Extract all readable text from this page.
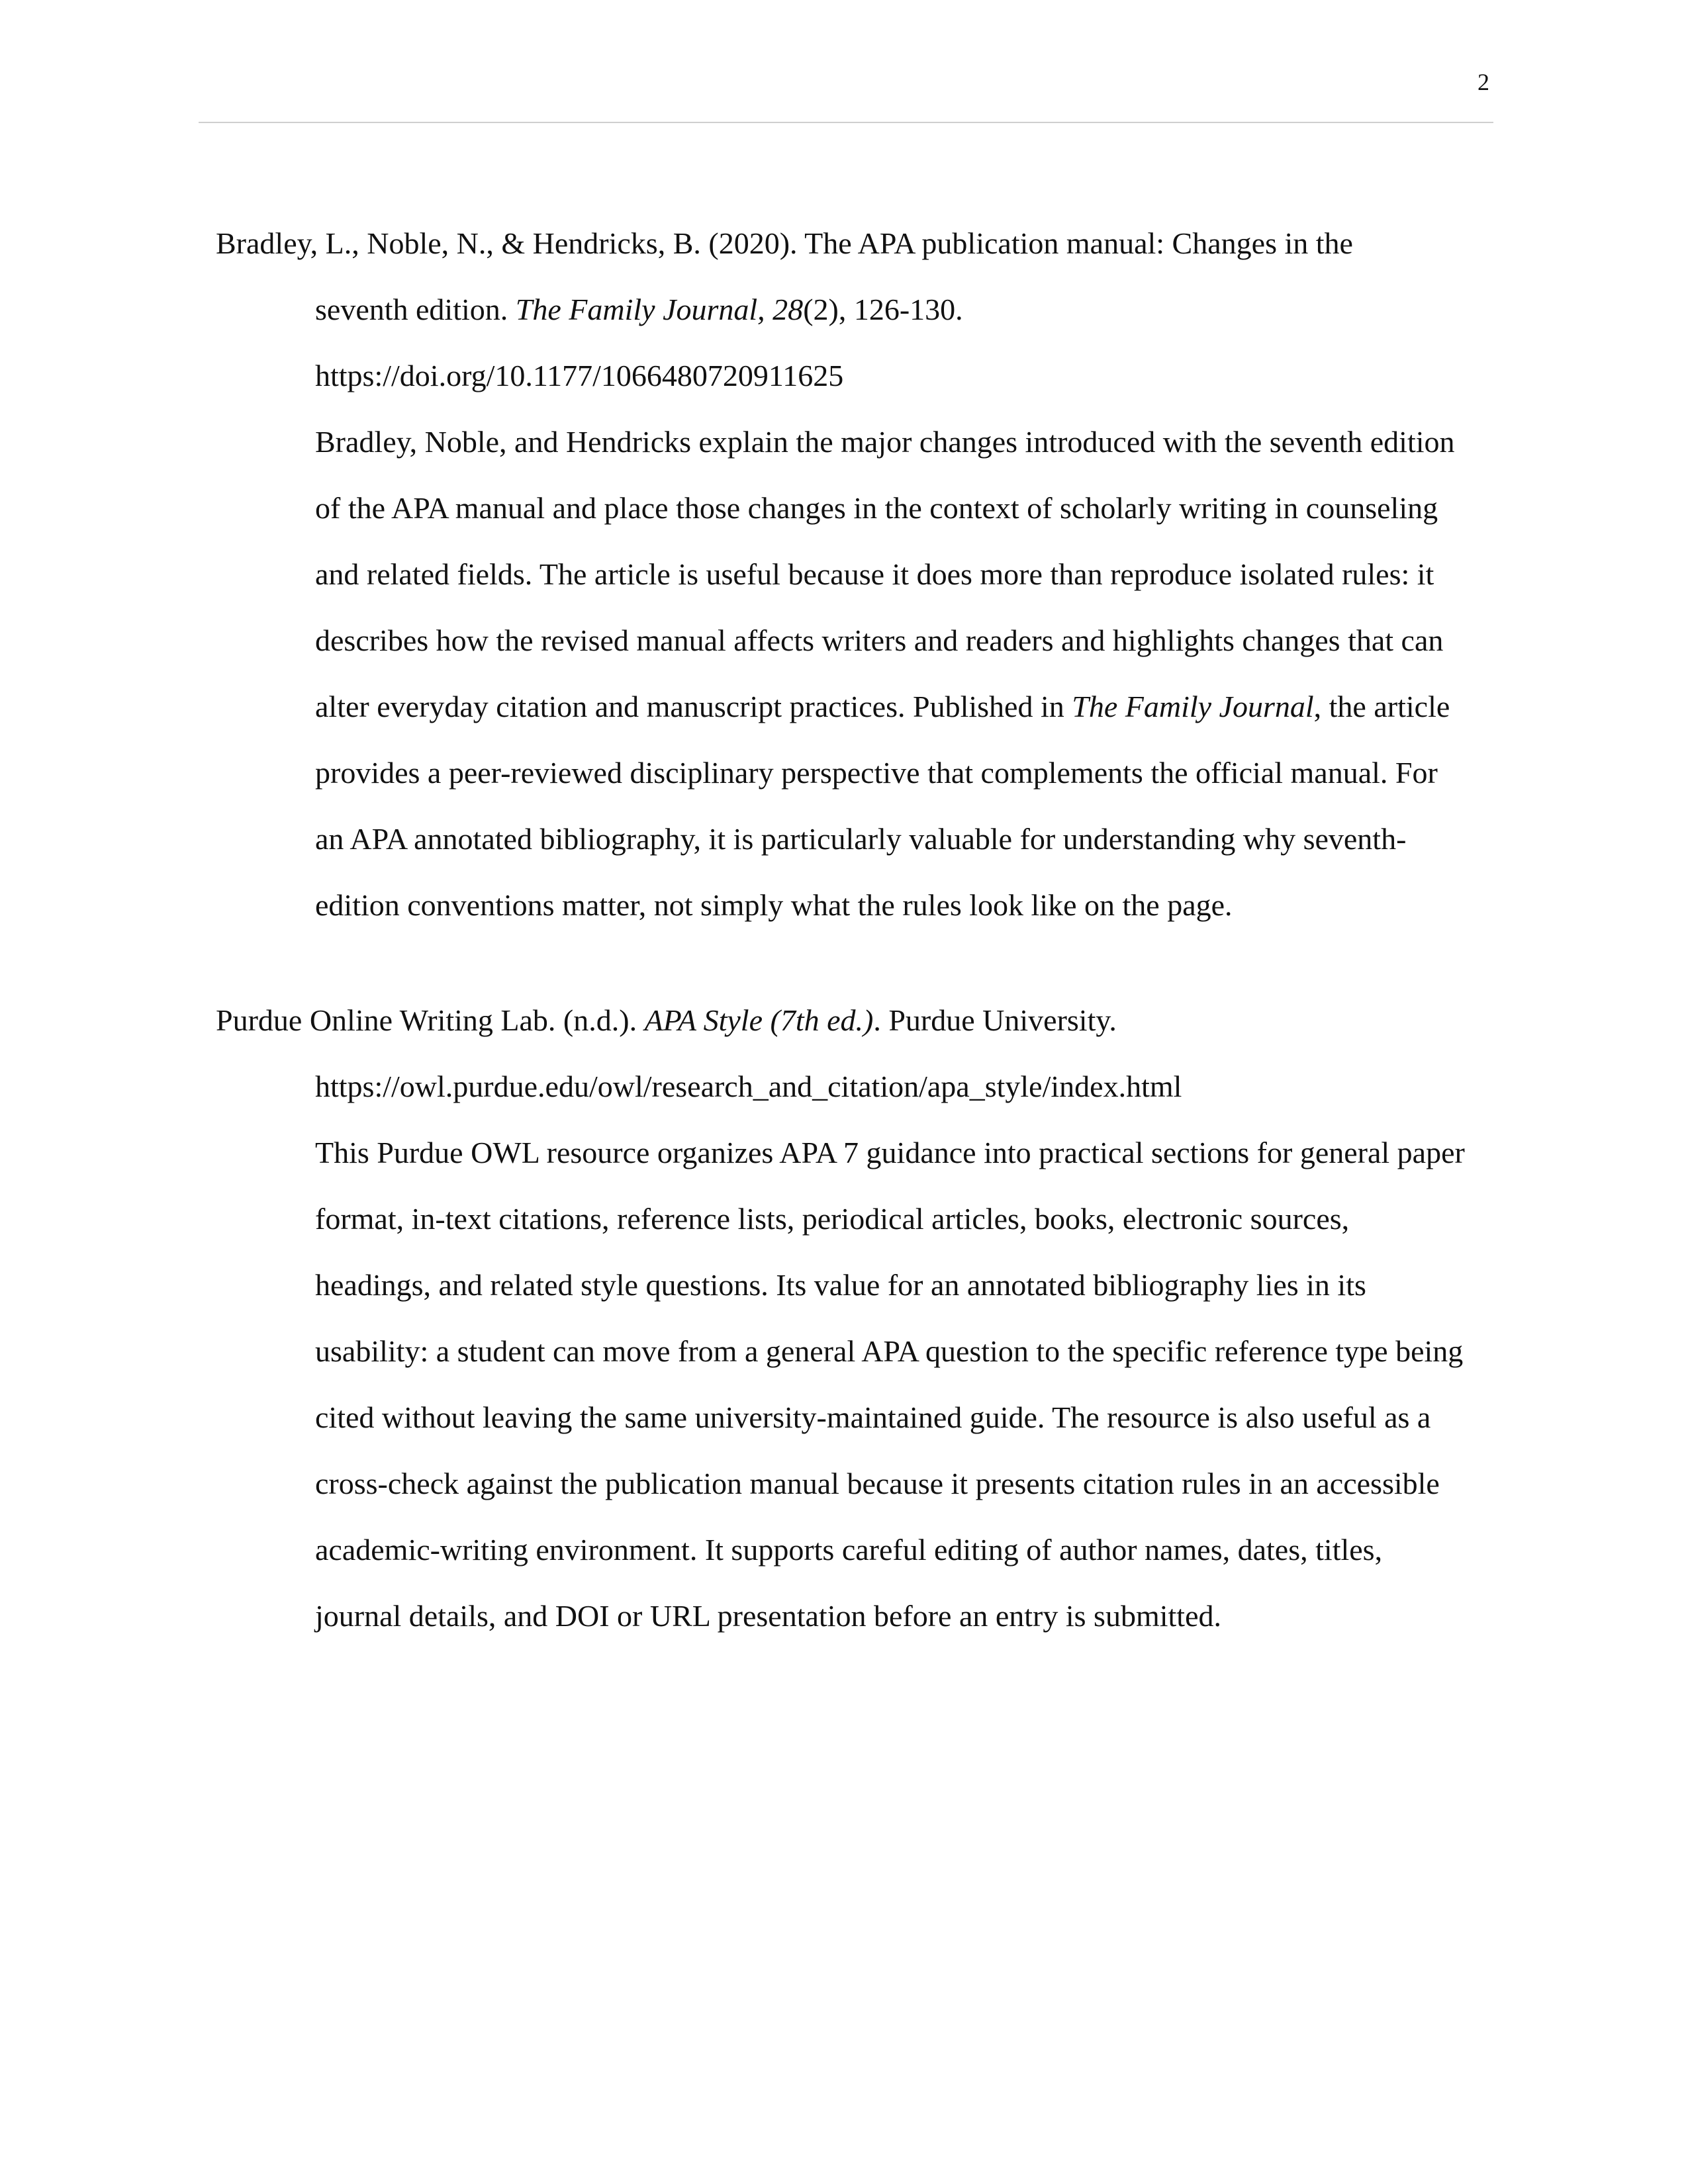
2
Bradley, L., Noble, N., & Hendricks, B. (2020). The APA publication manual: Changes in the
seventh edition. The Family Journal, 28(2), 126-130.
https://doi.org/10.1177/1066480720911625

Bradley, Noble, and Hendricks explain the major changes introduced with the seventh edition of the APA manual and place those changes in the context of scholarly writing in counseling and related fields. The article is useful because it does more than reproduce isolated rules: it describes how the revised manual affects writers and readers and highlights changes that can alter everyday citation and manuscript practices. Published in The Family Journal, the article provides a peer-reviewed disciplinary perspective that complements the official manual. For an APA annotated bibliography, it is particularly valuable for understanding why seventh-edition conventions matter, not simply what the rules look like on the page.

Purdue Online Writing Lab. (n.d.). APA Style (7th ed.). Purdue University.
https://owl.purdue.edu/owl/research_and_citation/apa_style/index.html

This Purdue OWL resource organizes APA 7 guidance into practical sections for general paper format, in-text citations, reference lists, periodical articles, books, electronic sources, headings, and related style questions. Its value for an annotated bibliography lies in its usability: a student can move from a general APA question to the specific reference type being cited without leaving the same university-maintained guide. The resource is also useful as a cross-check against the publication manual because it presents citation rules in an accessible academic-writing environment. It supports careful editing of author names, dates, titles, journal details, and DOI or URL presentation before an entry is submitted.
